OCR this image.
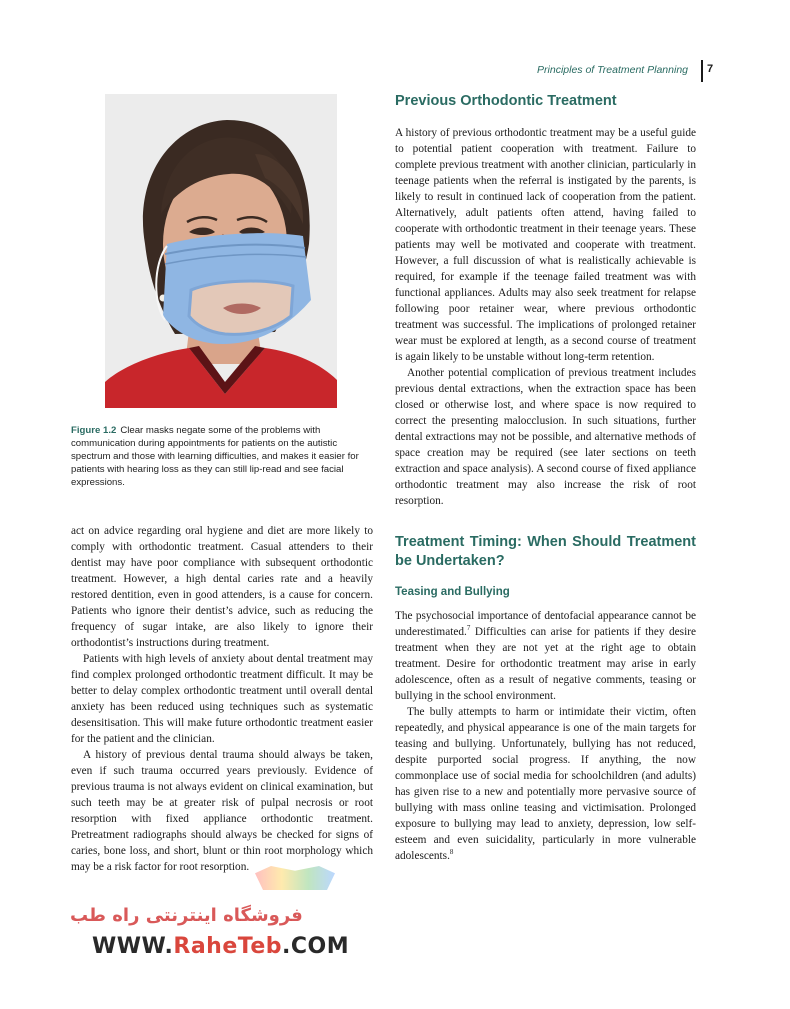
Principles of Treatment Planning 7
Figure 1.2 Clear masks negate some of the problems with communication during appointments for patients on the autistic spectrum and those with learning difficulties, and makes it easier for patients with hearing loss as they can still lip-read and see facial expressions.

act on advice regarding oral hygiene and diet are more likely to comply with orthodontic treatment. Casual attenders to their dentist may have poor compliance with subsequent orthodontic treatment. However, a high dental caries rate and a heavily restored dentition, even in good attenders, is a cause for concern. Patients who ignore their dentist’s advice, such as reducing the frequency of sugar intake, are also likely to ignore their orthodontist’s instructions during treatment.

Patients with high levels of anxiety about dental treatment may find complex prolonged orthodontic treatment difficult. It may be better to delay complex orthodontic treatment until overall dental anxiety has been reduced using techniques such as systematic desensitisation. This will make future orthodontic treatment easier for the patient and the clinician.

A history of previous dental trauma should always be taken, even if such trauma occurred years previously. Evidence of previous trauma is not always evident on clinical examination, but such teeth may be at greater risk of pulpal necrosis or root resorption with fixed appliance orthodontic treatment. Pretreatment radiographs should always be checked for signs of caries, bone loss, and short, blunt or thin root morphology which may be a risk factor for root resorption.

Previous Orthodontic Treatment

A history of previous orthodontic treatment may be a useful guide to potential patient cooperation with treatment. Failure to complete previous treatment with another clinician, particularly in teenage patients when the referral is instigated by the parents, is likely to result in continued lack of cooperation from the patient. Alternatively, adult patients often attend, having failed to cooperate with orthodontic treatment in their teenage years. These patients may well be motivated and cooperate with treatment. However, a full discussion of what is realistically achievable is required, for example if the teenage failed treatment was with functional appliances. Adults may also seek treatment for relapse following poor retainer wear, where previous orthodontic treatment was successful. The implications of prolonged retainer wear must be explored at length, as a second course of treatment is again likely to be unstable without long-term retention.

Another potential complication of previous treatment includes previous dental extractions, when the extraction space has been closed or otherwise lost, and where space is now required to correct the presenting malocclusion. In such situations, further dental extractions may not be possible, and alternative methods of space creation may be required (see later sections on teeth extraction and space analysis). A second course of fixed appliance orthodontic treatment may also increase the risk of root resorption.

Treatment Timing: When Should Treatment be Undertaken?
Teasing and Bullying

The psychosocial importance of dentofacial appearance cannot be underestimated.$^7$ Difficulties can arise for patients if they desire treatment when they are not yet at the right age to obtain treatment. Desire for orthodontic treatment may arise in early adolescence, often as a result of negative comments, teasing or bullying in the school environment.

The bully attempts to harm or intimidate their victim, often repeatedly, and physical appearance is one of the main targets for teasing and bullying. Unfortunately, bullying has not reduced, despite purported social progress. If anything, the now commonplace use of social media for schoolchildren (and adults) has given rise to a new and potentially more pervasive source of bullying with mass online teasing and victimisation. Prolonged exposure to bullying may lead to anxiety, depression, low self-esteem and even suicidality, particularly in more vulnerable adolescents.$^8$

فروشگاه اینترنتی راه طب
WWW.RaheTeb.COM
